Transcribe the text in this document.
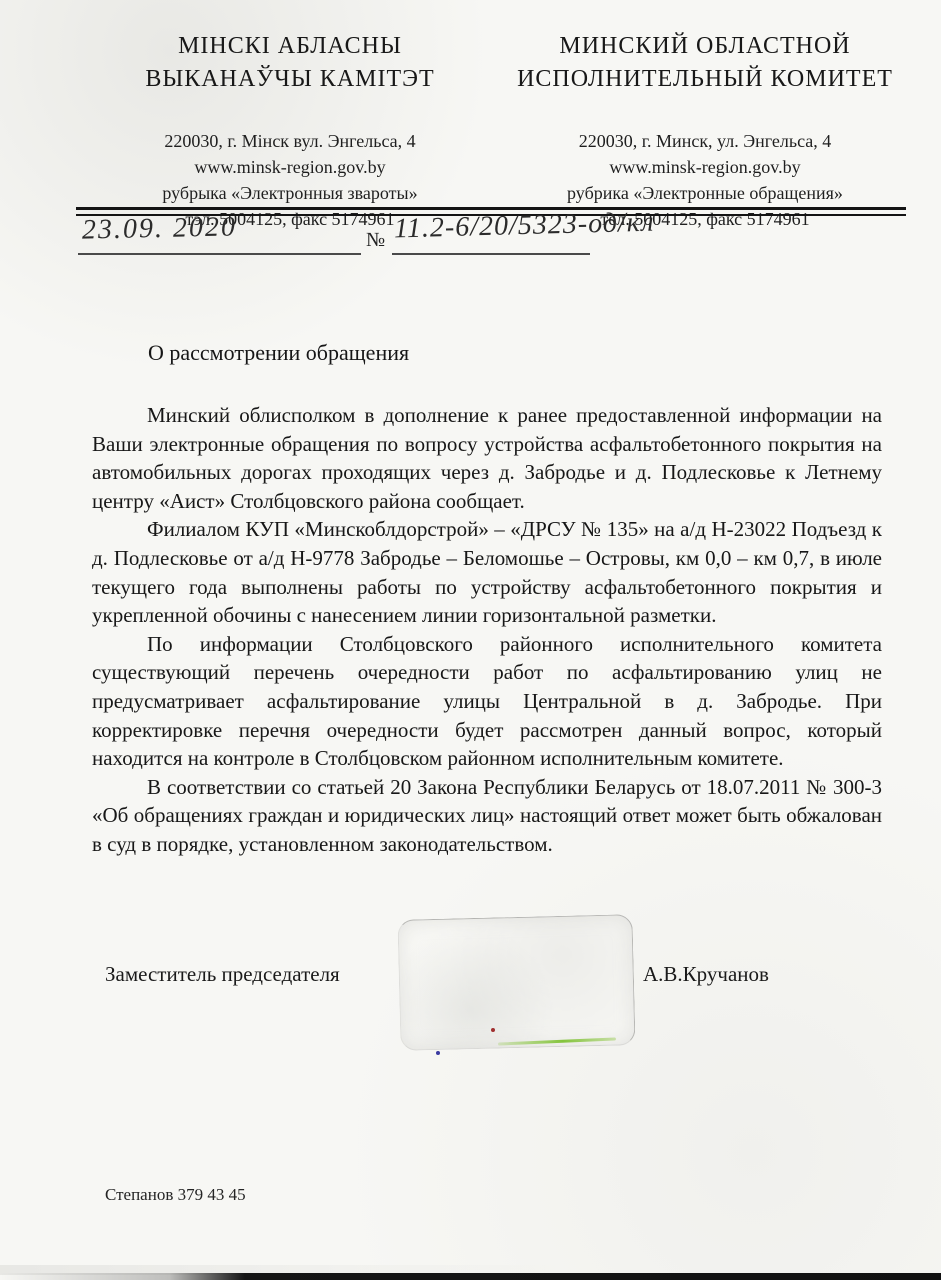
МІНСКІ АБЛАСНЫ
ВЫКАНАЎЧЫ КАМІТЭТ
220030, г. Мінск вул. Энгельса, 4
www.minsk-region.gov.by
рубрыка «Электронныя звароты»
тэл. 5004125, факс 5174961
МИНСКИЙ ОБЛАСТНОЙ
ИСПОЛНИТЕЛЬНЫЙ КОМИТЕТ
220030, г. Минск, ул. Энгельса, 4
www.minsk-region.gov.by
рубрика «Электронные обращения»
тел. 5004125, факс 5174961
23.09. 2020	№ 11.2-6/20/5323-од/кл
О рассмотрении обращения

Минский облисполком в дополнение к ранее предоставленной информации на Ваши электронные обращения по вопросу устройства асфальтобетонного покрытия на автомобильных дорогах проходящих через д. Забродье и д. Подлесковье к Летнему центру «Аист» Столбцовского района сообщает.

Филиалом КУП «Минскоблдорстрой» – «ДРСУ № 135» на а/д Н-23022 Подъезд к д. Подлесковье от а/д Н-9778 Забродье – Беломошье – Островы, км 0,0 – км 0,7, в июле текущего года выполнены работы по устройству асфальтобетонного покрытия и укрепленной обочины с нанесением линии горизонтальной разметки.

По информации Столбцовского районного исполнительного комитета существующий перечень очередности работ по асфальтированию улиц не предусматривает асфальтирование улицы Центральной в д. Забродье. При корректировке перечня очередности будет рассмотрен данный вопрос, который находится на контроле в Столбцовском районном исполнительным комитете.

В соответствии со статьей 20 Закона Республики Беларусь от 18.07.2011 № 300-3 «Об обращениях граждан и юридических лиц» настоящий ответ может быть обжалован в суд в порядке, установленном законодательством.

Заместитель председателя	А.В.Кручанов
Степанов 379 43 45
